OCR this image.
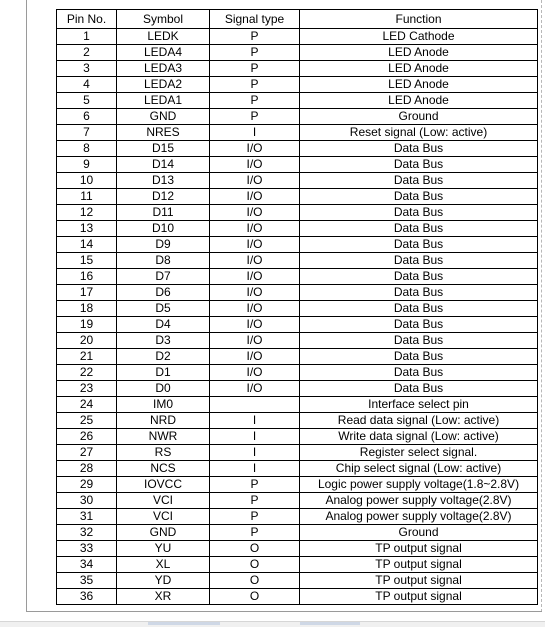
Pin No.	Symbol	Signal type	Function
1	LEDK	P	LED Cathode
2	LEDA4	P	LED Anode
3	LEDA3	P	LED Anode
4	LEDA2	P	LED Anode
5	LEDA1	P	LED Anode
6	GND	P	Ground
7	NRES	I	Reset signal (Low: active)
8	D15	I/O	Data Bus
9	D14	I/O	Data Bus
10	D13	I/O	Data Bus
11	D12	I/O	Data Bus
12	D11	I/O	Data Bus
13	D10	I/O	Data Bus
14	D9	I/O	Data Bus
15	D8	I/O	Data Bus
16	D7	I/O	Data Bus
17	D6	I/O	Data Bus
18	D5	I/O	Data Bus
19	D4	I/O	Data Bus
20	D3	I/O	Data Bus
21	D2	I/O	Data Bus
22	D1	I/O	Data Bus
23	D0	I/O	Data Bus
24	IM0		Interface select pin
25	NRD	I	Read data signal (Low: active)
26	NWR	I	Write data signal (Low: active)
27	RS	I	Register select signal.
28	NCS	I	Chip select signal (Low: active)
29	IOVCC	P	Logic power supply voltage(1.8~2.8V)
30	VCI	P	Analog power supply voltage(2.8V)
31	VCI	P	Analog power supply voltage(2.8V)
32	GND	P	Ground
33	YU	O	TP output signal
34	XL	O	TP output signal
35	YD	O	TP output signal
36	XR	O	TP output signal
